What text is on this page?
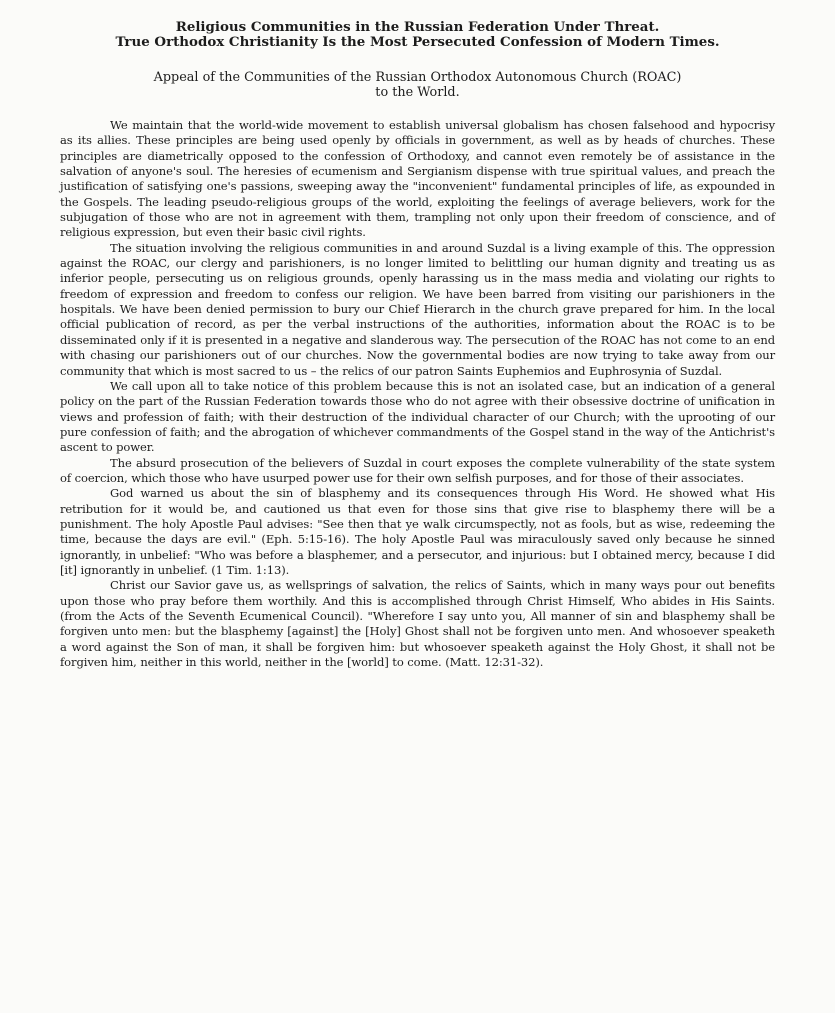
Religious Communities in the Russian Federation Under Threat.
True Orthodox Christianity Is the Most Persecuted Confession of Modern Times.
Appeal of the Communities of the Russian Orthodox Autonomous Church (ROAC)
to the World.

We maintain that the world-wide movement to establish universal globalism has chosen falsehood and hypocrisy as its allies. These principles are being used openly by officials in government, as well as by heads of churches. These principles are diametrically opposed to the confession of Orthodoxy, and cannot even remotely be of assistance in the salvation of anyone's soul. The heresies of ecumenism and Sergianism dispense with true spiritual values, and preach the justification of satisfying one's passions, sweeping away the "inconvenient" fundamental principles of life, as expounded in the Gospels. The leading pseudo-religious groups of the world, exploiting the feelings of average believers, work for the subjugation of those who are not in agreement with them, trampling not only upon their freedom of conscience, and of religious expression, but even their basic civil rights.

The situation involving the religious communities in and around Suzdal is a living example of this. The oppression against the ROAC, our clergy and parishioners, is no longer limited to belittling our human dignity and treating us as inferior people, persecuting us on religious grounds, openly harassing us in the mass media and violating our rights to freedom of expression and freedom to confess our religion. We have been barred from visiting our parishioners in the hospitals. We have been denied permission to bury our Chief Hierarch in the church grave prepared for him. In the local official publication of record, as per the verbal instructions of the authorities, information about the ROAC is to be disseminated only if it is presented in a negative and slanderous way. The persecution of the ROAC has not come to an end with chasing our parishioners out of our churches. Now the governmental bodies are now trying to take away from our community that which is most sacred to us – the relics of our patron Saints Euphemios and Euphrosynia of Suzdal.

We call upon all to take notice of this problem because this is not an isolated case, but an indication of a general policy on the part of the Russian Federation towards those who do not agree with their obsessive doctrine of unification in views and profession of faith; with their destruction of the individual character of our Church; with the uprooting of our pure confession of faith; and the abrogation of whichever commandments of the Gospel stand in the way of the Antichrist's ascent to power.

The absurd prosecution of the believers of Suzdal in court exposes the complete vulnerability of the state system of coercion, which those who have usurped power use for their own selfish purposes, and for those of their associates.

God warned us about the sin of blasphemy and its consequences through His Word. He showed what His retribution for it would be, and cautioned us that even for those sins that give rise to blasphemy there will be a punishment. The holy Apostle Paul advises: "See then that ye walk circumspectly, not as fools, but as wise, redeeming the time, because the days are evil." (Eph. 5:15-16). The holy Apostle Paul was miraculously saved only because he sinned ignorantly, in unbelief: "Who was before a blasphemer, and a persecutor, and injurious: but I obtained mercy, because I did [it] ignorantly in unbelief. (1 Tim. 1:13).

Christ our Savior gave us, as wellsprings of salvation, the relics of Saints, which in many ways pour out benefits upon those who pray before them worthily. And this is accomplished through Christ Himself, Who abides in His Saints. (from the Acts of the Seventh Ecumenical Council). "Wherefore I say unto you, All manner of sin and blasphemy shall be forgiven unto men: but the blasphemy [against] the [Holy] Ghost shall not be forgiven unto men. And whosoever speaketh a word against the Son of man, it shall be forgiven him: but whosoever speaketh against the Holy Ghost, it shall not be forgiven him, neither in this world, neither in the [world] to come. (Matt. 12:31-32).
